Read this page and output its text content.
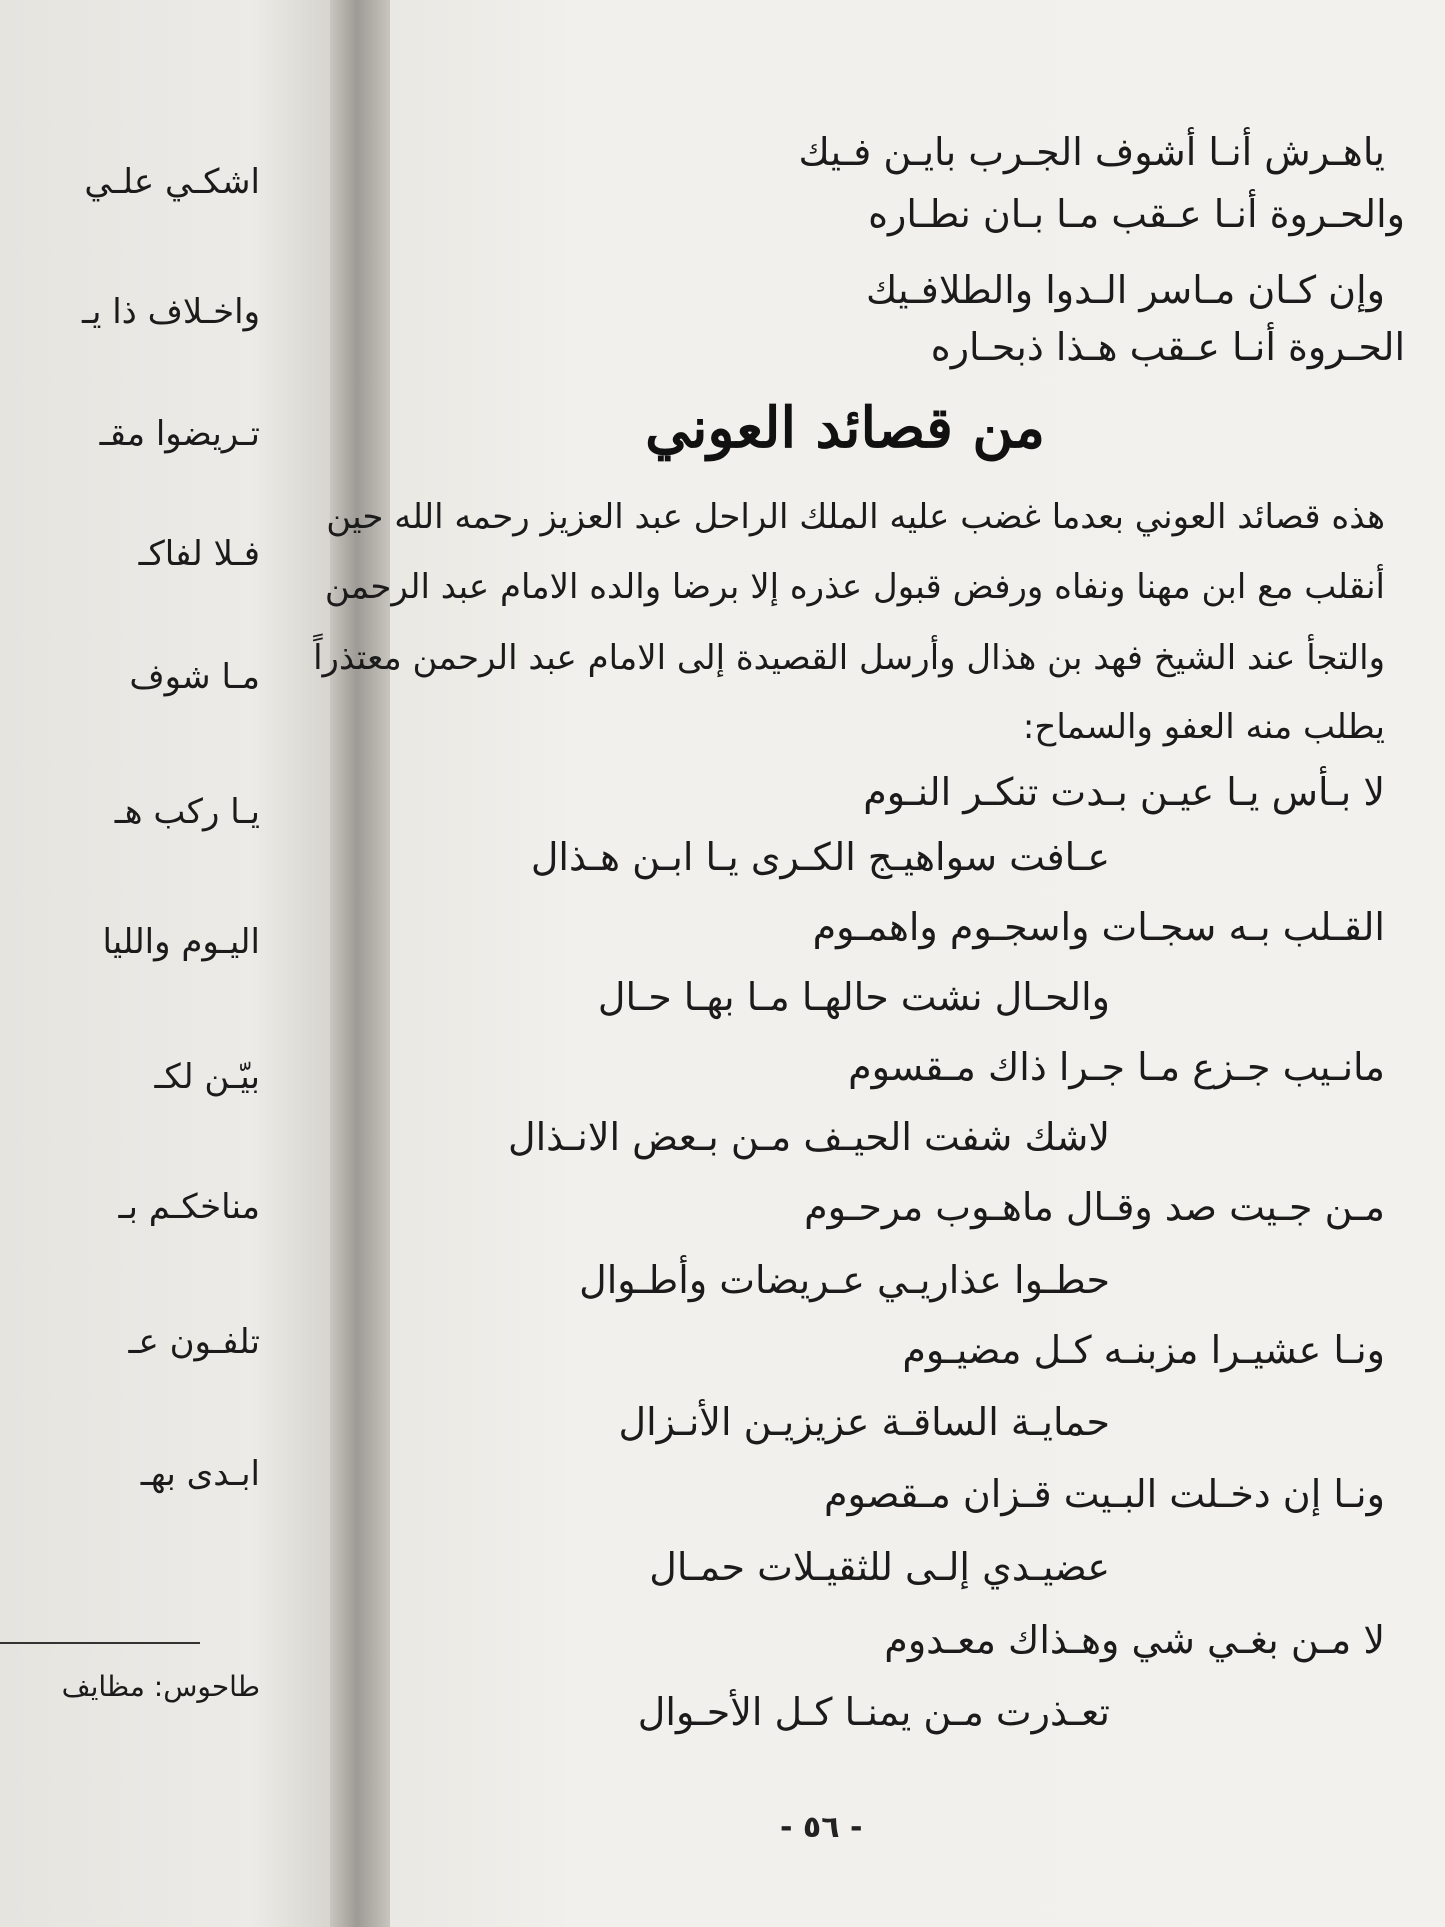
اشكـي علـي
واخـلاف ذا يـ
تـريضوا مقـ
فـلا لفاكـ
مـا شوف
يـا ركب هـ
اليـوم والليا
بيّـن لكـ
مناخكـم بـ
تلفـون عـ
ابـدى بهـ
طاحوس: مظايف
ياهـرش أنـا أشوف الجـرب بايـن فـيك
والحـروة أنـا عـقب مـا بـان نطـاره
وإن كـان مـاسر الـدوا والطلافـيك
الحـروة أنـا عـقب هـذا ذبحـاره
من قصائد العوني
هذه قصائد العوني بعدما غضب عليه الملك الراحل عبد العزيز رحمه الله حين
أنقلب مع ابن مهنا ونفاه ورفض قبول عذره إلا برضا والده الامام عبد الرحمن
والتجأ عند الشيخ فهد بن هذال وأرسل القصيدة إلى الامام عبد الرحمن معتذراً
يطلب منه العفو والسماح:
لا بـأس يـا عيـن بـدت تنكـر النـوم
عـافت سواهيـج الكـرى يـا ابـن هـذال
القـلب بـه سجـات واسجـوم واهمـوم
والحـال نشت حالهـا مـا بهـا حـال
مانـيب جـزع مـا جـرا ذاك مـقسوم
لاشك شفت الحيـف مـن بـعض الانـذال
مـن جـيت صد وقـال ماهـوب مرحـوم
حطـوا عذاريـي عـريضات وأطـوال
ونـا عشيـرا مزبنـه كـل مضيـوم
حمايـة الساقـة عزيزيـن الأنـزال
ونـا إن دخـلت البـيت قـزان مـقصوم
عضيـدي إلـى للثقيـلات حمـال
لا مـن بغـي شي وهـذاك معـدوم
تعـذرت مـن يمنـا كـل الأحـوال
- ٥٦ -
